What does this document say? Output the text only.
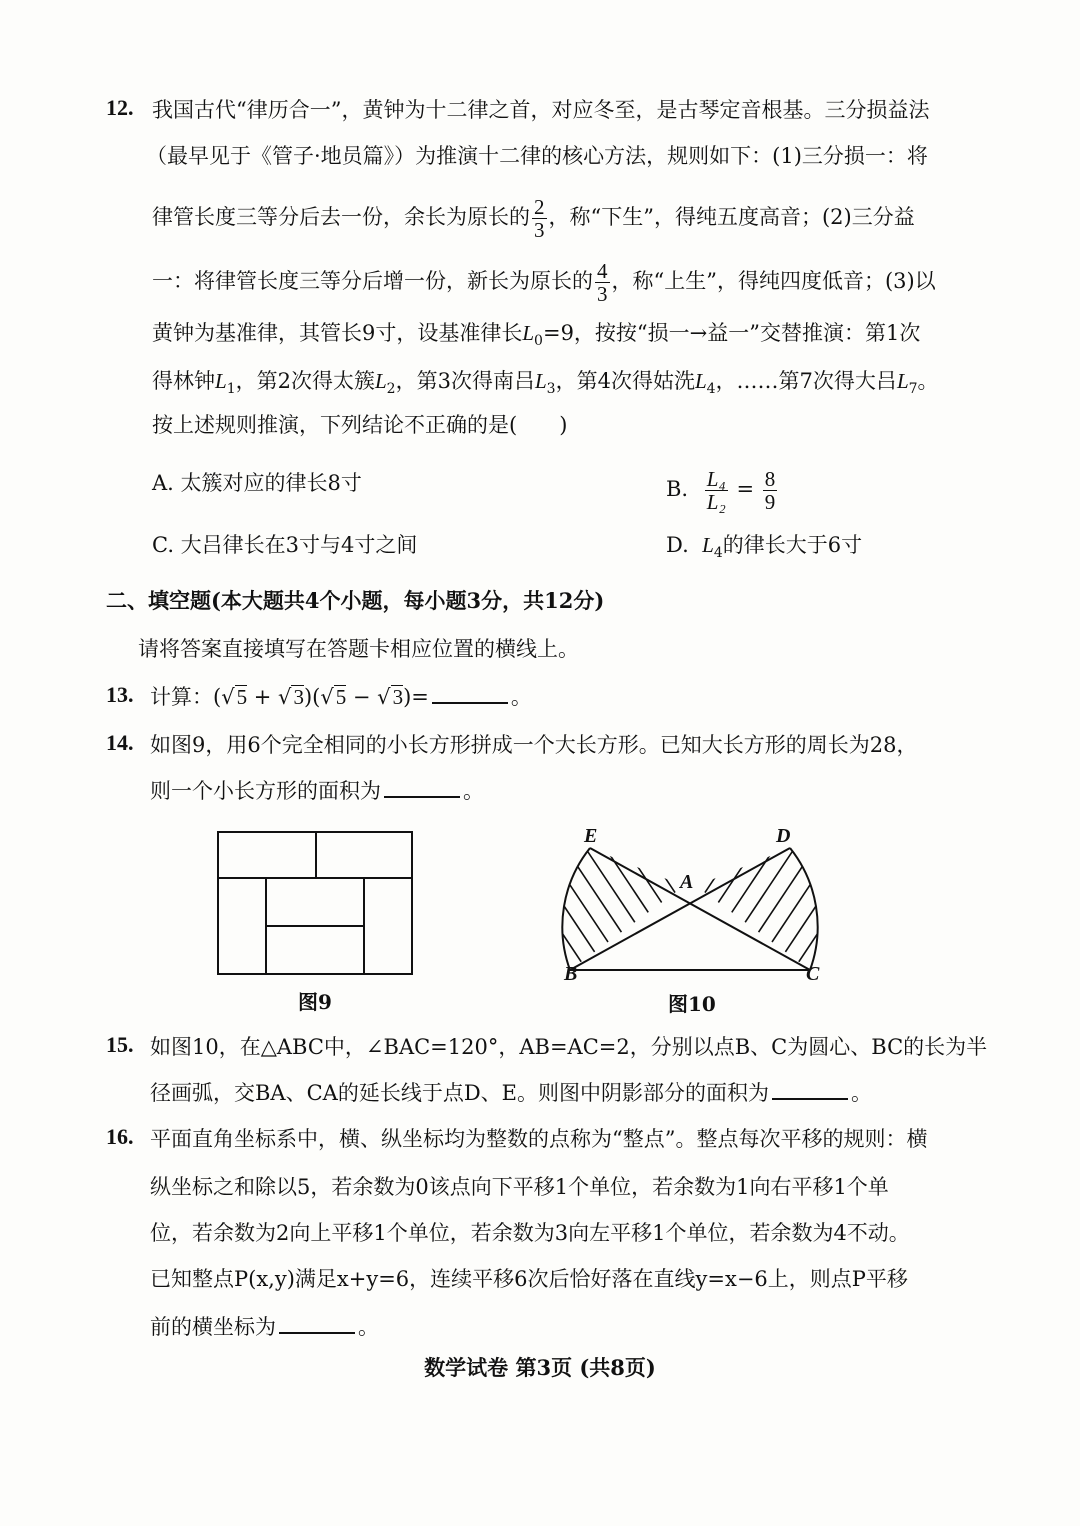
12. 我国古代“律历合一”，黄钟为十二律之首，对应冬至，是古琴定音根基。三分损益法
（最早见于《管子·地员篇》）为推演十二律的核心方法，规则如下：(1)三分损一：将
律管长度三等分后去一份，余长为原长的 $\frac{2}{3}$ ，称“下生”，得纯五度高音；(2)三分益
一：将律管长度三等分后增一份，新长为原长的 $\frac{4}{3}$ ，称“上生”，得纯四度低音；(3)以
黄钟为基准律，其管长9寸，设基准律长$L_0=9$，按按“损一→益一”交替推演：第1次
得林钟$L_1$，第2次得太簇$L_2$，第3次得南吕$L_3$，第4次得姑洗$L_4$，……第7次得大吕$L_7$。
按上述规则推演，下列结论不正确的是(　　)
A. 太簇对应的律长8寸	B. $\frac{\text{L₄}}{\text{L₂}} = \frac{8}{9}$
C. 大吕律长在3寸与4寸之间	D. $L_4$的律长大于6寸
二、填空题(本大题共4个小题，每小题3分，共12分)
请将答案直接填写在答题卡相应位置的横线上。
13. 计算：(√5 + √3)(√5 − √3)=	。
14. 如图9，用6个完全相同的小长方形拼成一个大长方形。已知大长方形的周长为28，
则一个小长方形的面积为	。
图9
E	D
A
B	C
图10
15. 如图10，在△ABC中，∠BAC=120°，AB=AC=2，分别以点B、C为圆心、BC的长为半
径画弧，交BA、CA的延长线于点D、E。则图中阴影部分的面积为	。
16. 平面直角坐标系中，横、纵坐标均为整数的点称为“整点”。整点每次平移的规则：横
纵坐标之和除以5，若余数为0该点向下平移1个单位，若余数为1向右平移1个单
位，若余数为2向上平移1个单位，若余数为3向左平移1个单位，若余数为4不动。
已知整点P(x,y)满足x+y=6，连续平移6次后恰好落在直线y=x−6上，则点P平移
前的横坐标为	。
数学试卷 第3页 (共8页)
